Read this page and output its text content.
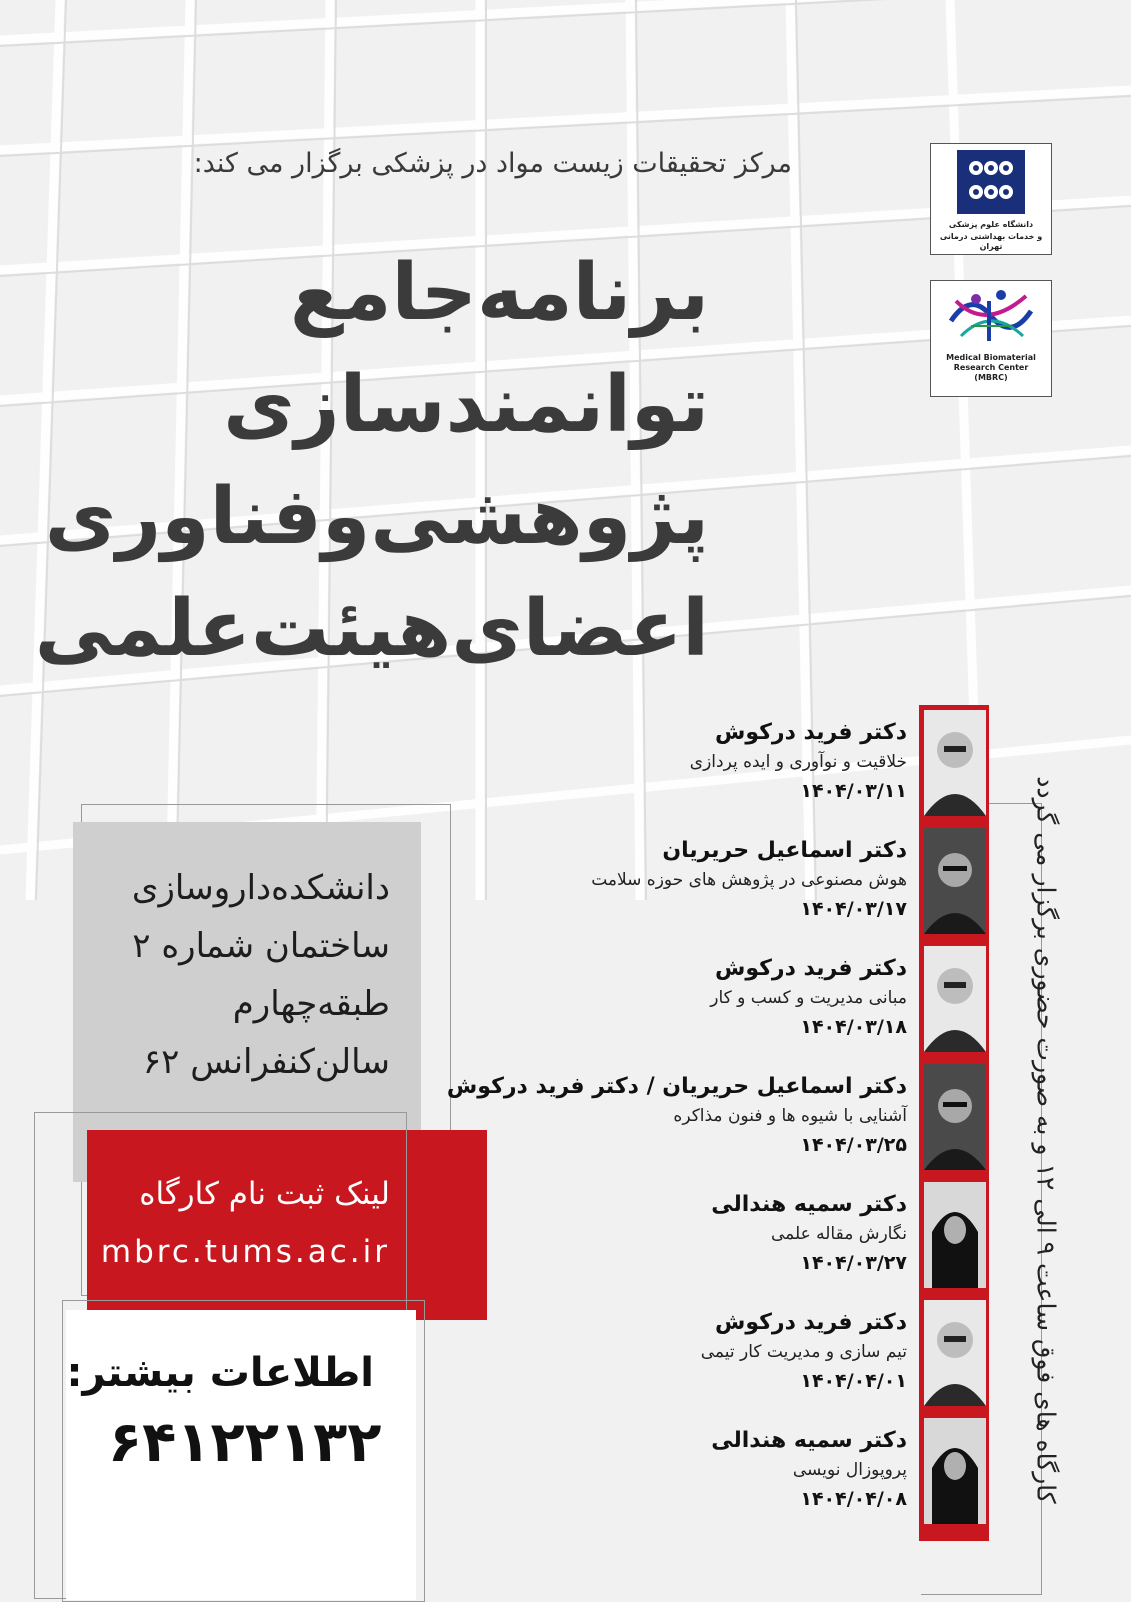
مرکز تحقیقات زیست مواد در پزشکی برگزار می کند:
برنامه‌جامع
توانمندسازی
پژوهشی‌وفناوری
اعضای‌هیئت‌علمی
دانشگاه علوم پزشکی
و خدمات بهداشتی درمانی تهران
Medical Biomaterial
Research Center
(MBRC)
دانشکده‌داروسازی
ساختمان شماره ۲
طبقه‌چهارم
سالن‌کنفرانس ۶۲
لینک ثبت نام کارگاه
mbrc.tums.ac.ir
اطلاعات بیشتر:
۶۴۱۲۲۱۳۲
دکتر فرید درکوش
خلاقیت و نوآوری و ایده پردازی
۱۴۰۴/۰۳/۱۱
دکتر اسماعیل حریریان
هوش مصنوعی در پژوهش های حوزه سلامت
۱۴۰۴/۰۳/۱۷
دکتر فرید درکوش
مبانی مدیریت و کسب و کار
۱۴۰۴/۰۳/۱۸
دکتر اسماعیل حریریان / دکتر فرید درکوش
آشنایی با شیوه ها و فنون مذاکره
۱۴۰۴/۰۳/۲۵
دکتر سمیه هندالی
نگارش مقاله علمی
۱۴۰۴/۰۳/۲۷
دکتر فرید درکوش
تیم سازی و مدیریت کار تیمی
۱۴۰۴/۰۴/۰۱
دکتر سمیه هندالی
پروپوزال نویسی
۱۴۰۴/۰۴/۰۸
کارگاه های فوق ساعت ۹ الی ۱۲ و به صورت حضوری برگزار می گردد
